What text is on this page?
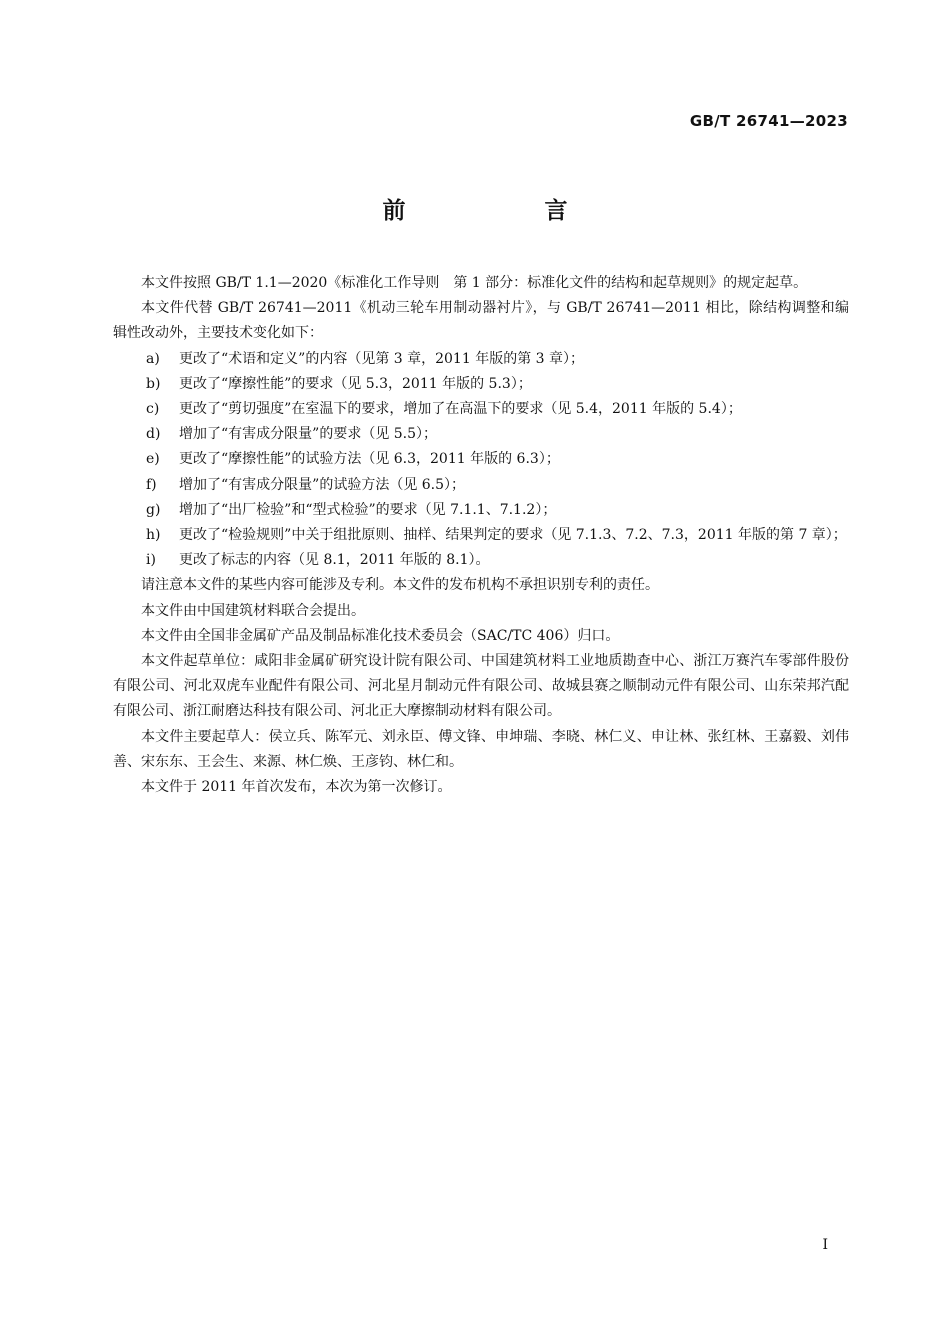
GB/T 26741—2023
前　言

本文件按照 GB/T 1.1—2020《标准化工作导则　第 1 部分：标准化文件的结构和起草规则》的规定起草。

本文件代替 GB/T 26741—2011《机动三轮车用制动器衬片》，与 GB/T 26741—2011 相比，除结构调整和编辑性改动外，主要技术变化如下：

a) 更改了“术语和定义”的内容（见第 3 章，2011 年版的第 3 章）；

b) 更改了“摩擦性能”的要求（见 5.3，2011 年版的 5.3）；

c) 更改了“剪切强度”在室温下的要求，增加了在高温下的要求（见 5.4，2011 年版的 5.4）；

d) 增加了“有害成分限量”的要求（见 5.5）；

e) 更改了“摩擦性能”的试验方法（见 6.3，2011 年版的 6.3）；

f) 增加了“有害成分限量”的试验方法（见 6.5）；

g) 增加了“出厂检验”和“型式检验”的要求（见 7.1.1、7.1.2）；

h) 更改了“检验规则”中关于组批原则、抽样、结果判定的要求（见 7.1.3、7.2、7.3，2011 年版的第 7 章）；

i) 更改了标志的内容（见 8.1，2011 年版的 8.1）。

请注意本文件的某些内容可能涉及专利。本文件的发布机构不承担识别专利的责任。

本文件由中国建筑材料联合会提出。

本文件由全国非金属矿产品及制品标准化技术委员会（SAC/TC 406）归口。

本文件起草单位：咸阳非金属矿研究设计院有限公司、中国建筑材料工业地质勘查中心、浙江万赛汽车零部件股份有限公司、河北双虎车业配件有限公司、河北星月制动元件有限公司、故城县赛之顺制动元件有限公司、山东荣邦汽配有限公司、浙江耐磨达科技有限公司、河北正大摩擦制动材料有限公司。

本文件主要起草人：侯立兵、陈军元、刘永臣、傅文锋、申坤瑞、李晓、林仁义、申让林、张红林、王嘉毅、刘伟善、宋东东、王会生、来源、林仁焕、王彦钧、林仁和。

本文件于 2011 年首次发布，本次为第一次修订。

I
